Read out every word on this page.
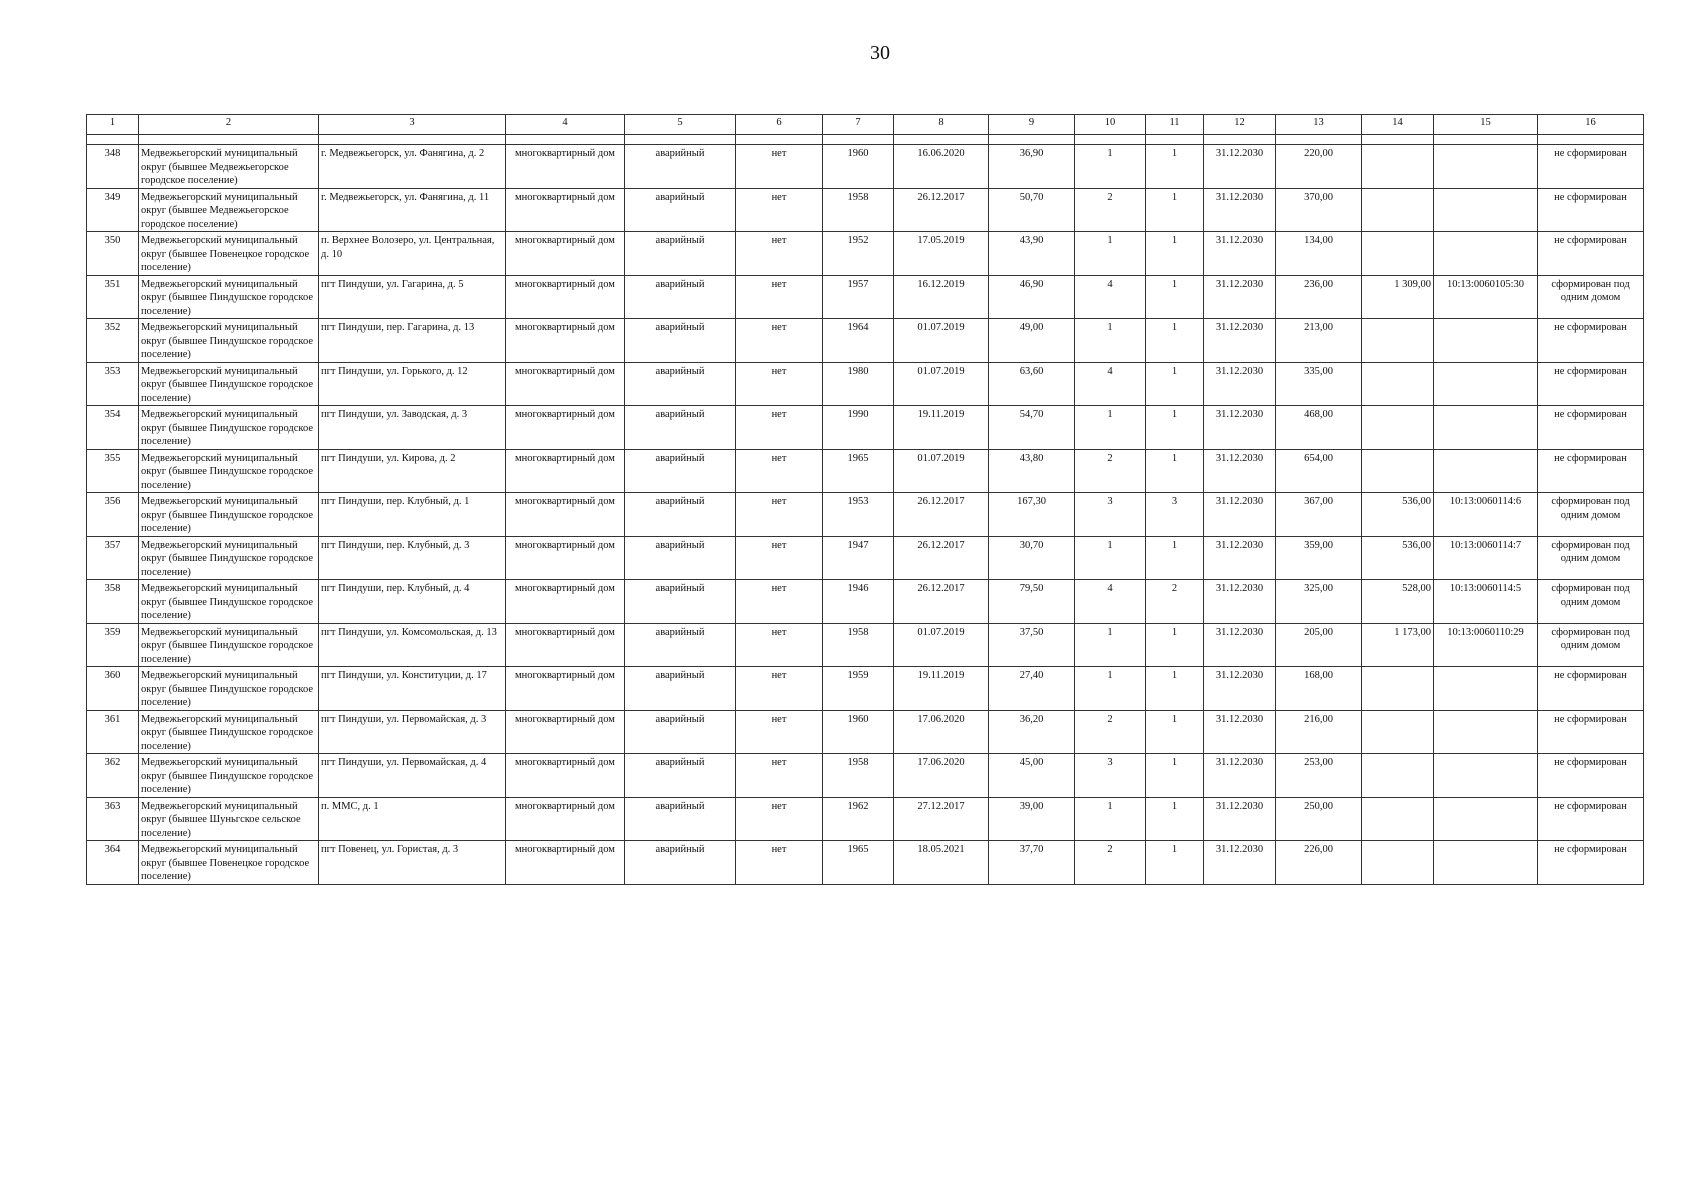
30
1	2	3	4	5	6	7	8	9	10	11	12	13	14	15	16

348	Медвежьегорский муниципальный округ (бывшее Медвежьегорское городское поселение)	г. Медвежьегорск, ул. Фанягина, д. 2	многоквартирный дом	аварийный	нет	1960	16.06.2020	36,90	1	1	31.12.2030	220,00			не сформирован
349	Медвежьегорский муниципальный округ (бывшее Медвежьегорское городское поселение)	г. Медвежьегорск, ул. Фанягина, д. 11	многоквартирный дом	аварийный	нет	1958	26.12.2017	50,70	2	1	31.12.2030	370,00			не сформирован
350	Медвежьегорский муниципальный округ (бывшее Повенецкое городское поселение)	п. Верхнее Волозеро, ул. Центральная, д. 10	многоквартирный дом	аварийный	нет	1952	17.05.2019	43,90	1	1	31.12.2030	134,00			не сформирован
351	Медвежьегорский муниципальный округ (бывшее Пиндушское городское поселение)	пгт Пиндуши, ул. Гагарина, д. 5	многоквартирный дом	аварийный	нет	1957	16.12.2019	46,90	4	1	31.12.2030	236,00	1 309,00	10:13:0060105:30	сформирован под одним домом
352	Медвежьегорский муниципальный округ (бывшее Пиндушское городское поселение)	пгт Пиндуши, пер. Гагарина, д. 13	многоквартирный дом	аварийный	нет	1964	01.07.2019	49,00	1	1	31.12.2030	213,00			не сформирован
353	Медвежьегорский муниципальный округ (бывшее Пиндушское городское поселение)	пгт Пиндуши, ул. Горького, д. 12	многоквартирный дом	аварийный	нет	1980	01.07.2019	63,60	4	1	31.12.2030	335,00			не сформирован
354	Медвежьегорский муниципальный округ (бывшее Пиндушское городское поселение)	пгт Пиндуши, ул. Заводская, д. 3	многоквартирный дом	аварийный	нет	1990	19.11.2019	54,70	1	1	31.12.2030	468,00			не сформирован
355	Медвежьегорский муниципальный округ (бывшее Пиндушское городское поселение)	пгт Пиндуши, ул. Кирова, д. 2	многоквартирный дом	аварийный	нет	1965	01.07.2019	43,80	2	1	31.12.2030	654,00			не сформирован
356	Медвежьегорский муниципальный округ (бывшее Пиндушское городское поселение)	пгт Пиндуши, пер. Клубный, д. 1	многоквартирный дом	аварийный	нет	1953	26.12.2017	167,30	3	3	31.12.2030	367,00	536,00	10:13:0060114:6	сформирован под одним домом
357	Медвежьегорский муниципальный округ (бывшее Пиндушское городское поселение)	пгт Пиндуши, пер. Клубный, д. 3	многоквартирный дом	аварийный	нет	1947	26.12.2017	30,70	1	1	31.12.2030	359,00	536,00	10:13:0060114:7	сформирован под одним домом
358	Медвежьегорский муниципальный округ (бывшее Пиндушское городское поселение)	пгт Пиндуши, пер. Клубный, д. 4	многоквартирный дом	аварийный	нет	1946	26.12.2017	79,50	4	2	31.12.2030	325,00	528,00	10:13:0060114:5	сформирован под одним домом
359	Медвежьегорский муниципальный округ (бывшее Пиндушское городское поселение)	пгт Пиндуши, ул. Комсомольская, д. 13	многоквартирный дом	аварийный	нет	1958	01.07.2019	37,50	1	1	31.12.2030	205,00	1 173,00	10:13:0060110:29	сформирован под одним домом
360	Медвежьегорский муниципальный округ (бывшее Пиндушское городское поселение)	пгт Пиндуши, ул. Конституции, д. 17	многоквартирный дом	аварийный	нет	1959	19.11.2019	27,40	1	1	31.12.2030	168,00			не сформирован
361	Медвежьегорский муниципальный округ (бывшее Пиндушское городское поселение)	пгт Пиндуши, ул. Первомайская, д. 3	многоквартирный дом	аварийный	нет	1960	17.06.2020	36,20	2	1	31.12.2030	216,00			не сформирован
362	Медвежьегорский муниципальный округ (бывшее Пиндушское городское поселение)	пгт Пиндуши, ул. Первомайская, д. 4	многоквартирный дом	аварийный	нет	1958	17.06.2020	45,00	3	1	31.12.2030	253,00			не сформирован
363	Медвежьегорский муниципальный округ (бывшее Шуньгское сельское поселение)	п. ММС, д. 1	многоквартирный дом	аварийный	нет	1962	27.12.2017	39,00	1	1	31.12.2030	250,00			не сформирован
364	Медвежьегорский муниципальный округ (бывшее Повенецкое городское поселение)	пгт Повенец, ул. Гористая, д. 3	многоквартирный дом	аварийный	нет	1965	18.05.2021	37,70	2	1	31.12.2030	226,00			не сформирован
